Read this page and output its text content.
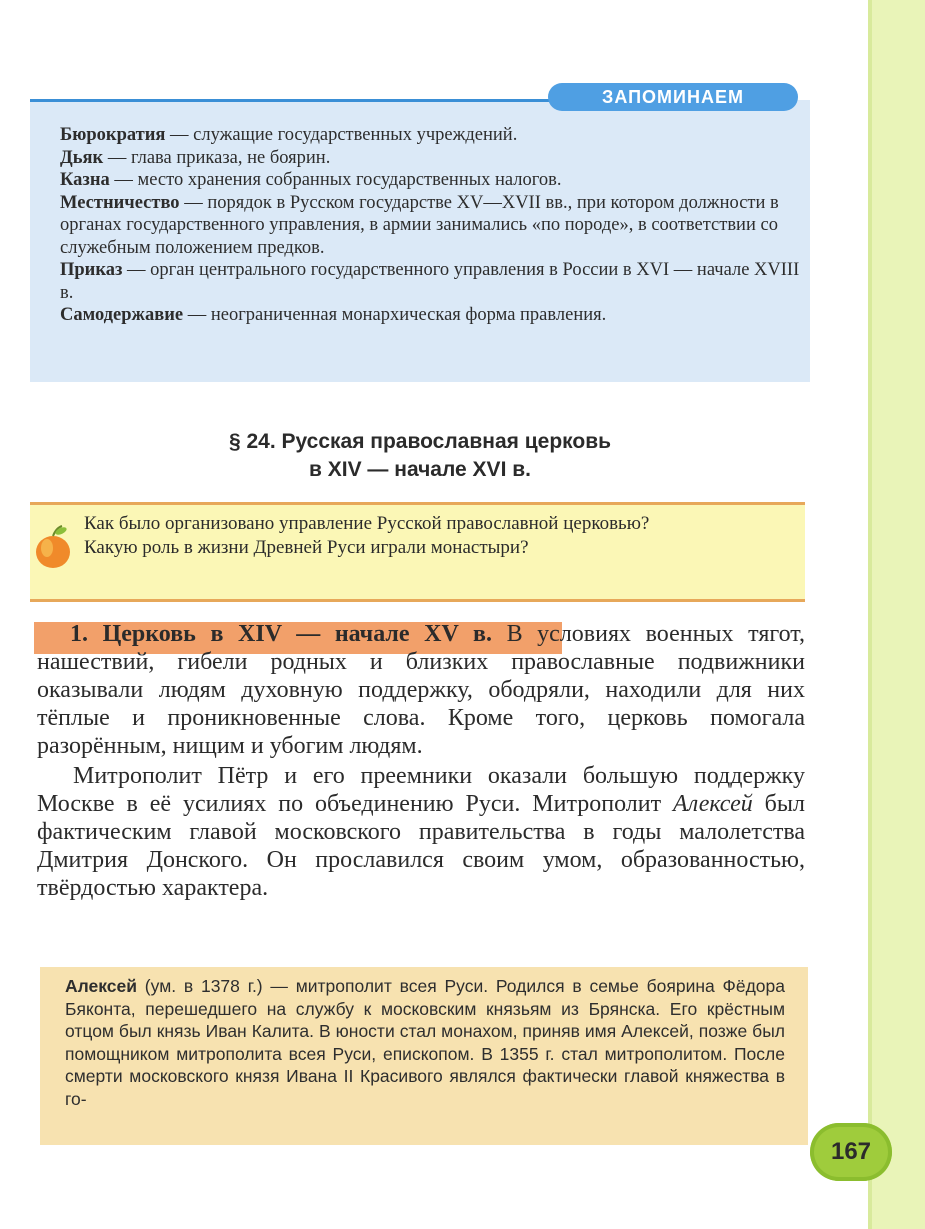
ЗАПОМИНАЕМ

Бюрократия — служащие государственных учреждений.

Дьяк — глава приказа, не боярин.

Казна — место хранения собранных государственных налогов.

Местничество — порядок в Русском государстве XV—XVII вв., при котором должности в органах государственного управления, в армии занимались «по породе», в соответствии со служебным положением предков.

Приказ — орган центрального государственного управления в России в XVI — начале XVIII в.

Самодержавие — неограниченная монархическая форма правления.

§ 24. Русская православная церковь
в XIV — начале XVI в.

Как было организовано управление Русской православной церковью?

Какую роль в жизни Древней Руси играли монастыри?

1. Церковь в XIV — начале XV в. В условиях военных тягот, нашествий, гибели родных и близких православные подвижники оказывали людям духовную поддержку, ободряли, находили для них тёплые и проникновенные слова. Кроме того, церковь помогала разорённым, нищим и убогим людям.

Митрополит Пётр и его преемники оказали большую поддержку Москве в её усилиях по объединению Руси. Митрополит Алексей был фактическим главой московского правительства в годы малолетства Дмитрия Донского. Он прославился своим умом, образованностью, твёрдостью характера.

Алексей (ум. в 1378 г.) — митрополит всея Руси. Родился в семье боярина Фёдора Бяконта, перешедшего на службу к московским князьям из Брянска. Его крёстным отцом был князь Иван Калита. В юности стал монахом, приняв имя Алексей, позже был помощником митрополита всея Руси, епископом. В 1355 г. стал митрополитом. После смерти московского князя Ивана II Красивого являлся фактически главой княжества в го-

167
